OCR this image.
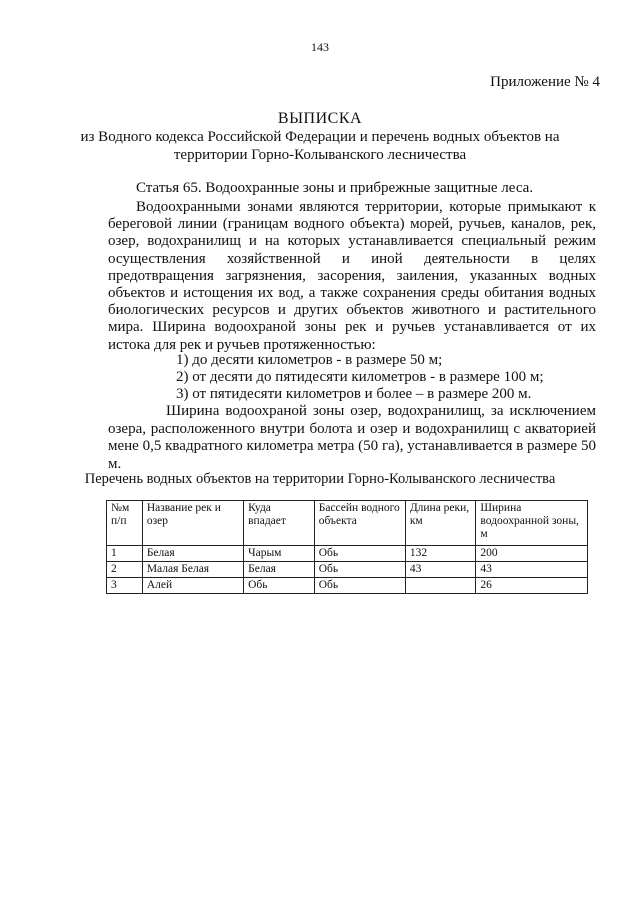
143
Приложение № 4
ВЫПИСКА
из Водного кодекса Российской Федерации и перечень водных объектов на
территории Горно-Колыванского лесничества
Статья 65. Водоохранные зоны и прибрежные защитные леса.

Водоохранными зонами являются территории, которые примыкают к береговой линии (границам водного объекта) морей, ручьев, каналов, рек, озер, водохранилищ и на которых устанавливается специальный режим осуществления хозяйственной и иной деятельности в целях предотвращения загрязнения, засорения, заиления, указанных водных объектов и истощения их вод, а также сохранения среды обитания водных биологических ресурсов и других объектов животного и растительного мира. Ширина водоохраной зоны рек и ручьев устанавливается от их истока для рек и ручьев протяженностью:

1) до десяти километров - в размере 50 м;
2) от десяти до пятидесяти километров - в размере 100 м;
3) от пятидесяти километров и более – в размере 200 м.

Ширина водоохраной зоны озер, водохранилищ, за исключением озера, расположенного внутри болота и озер и водохранилищ с акваторией мене 0,5 квадратного километра метра (50 га), устанавливается в размере 50 м.

Перечень водных объектов на территории Горно-Колыванского лесничества
№м п/п	Название рек и озер	Куда впадает	Бассейн водного объекта	Длина реки, км	Ширина водоохранной зоны, м
1	Белая	Чарым	Обь	132	200
2	Малая Белая	Белая	Обь	43	43
3	Алей	Обь	Обь		26
